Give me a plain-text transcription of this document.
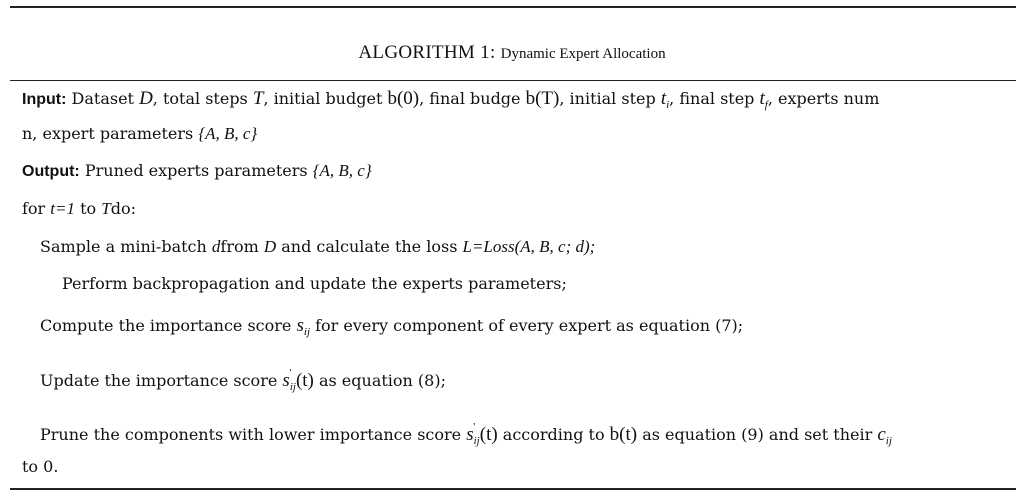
ALGORITHM 1: Dynamic Expert Allocation
Input: Dataset D, total steps T, initial budget b(0), final budge b(T), initial step $t_i$, final step $t_f$, experts num
n, expert parameters {A, B, c}
Output: Pruned experts parameters {A, B, c}
for t=1 to Tdo:
Sample a mini-batch dfrom D and calculate the loss L=Loss(A, B, c; d);
Perform backpropagation and update the experts parameters;
Compute the importance score $s_{ij}$ for every component of every expert as equation (7);
Update the importance score s '
$_{ij}$(t) as equation (8);
Prune the components with lower importance score s '
$_{ij}$(t) according to b(t) as equation (9) and set their $c_{ij}$
to 0.
